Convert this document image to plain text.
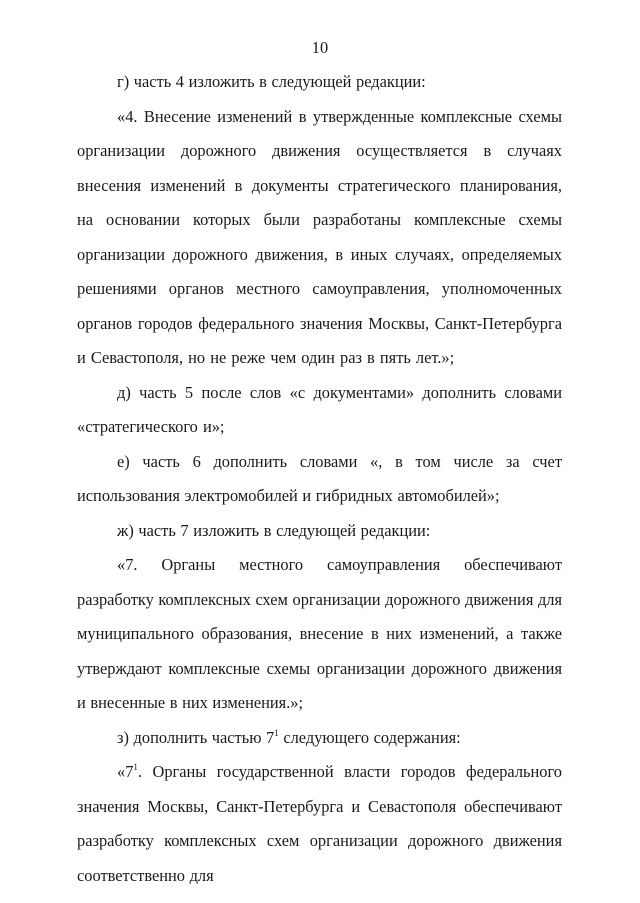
10

г) часть 4 изложить в следующей редакции:

«4. Внесение изменений в утвержденные комплексные схемы организации дорожного движения осуществляется в случаях внесения изменений в документы стратегического планирования, на основании которых были разработаны комплексные схемы организации дорожного движения, в иных случаях, определяемых решениями органов местного самоуправления, уполномоченных органов городов федерального значения Москвы, Санкт-Петербурга и Севастополя, но не реже чем один раз в пять лет.»;

д) часть 5 после слов «с документами» дополнить словами «стратегического и»;

е) часть 6 дополнить словами «, в том числе за счет использования электромобилей и гибридных автомобилей»;

ж) часть 7 изложить в следующей редакции:

«7. Органы местного самоуправления обеспечивают разработку комплексных схем организации дорожного движения для муниципального образования, внесение в них изменений, а также утверждают комплексные схемы организации дорожного движения и внесенные в них изменения.»;

з) дополнить частью $7^1$ следующего содержания:

«$7^1$. Органы государственной власти городов федерального значения Москвы, Санкт-Петербурга и Севастополя обеспечивают разработку комплексных схем организации дорожного движения соответственно для
